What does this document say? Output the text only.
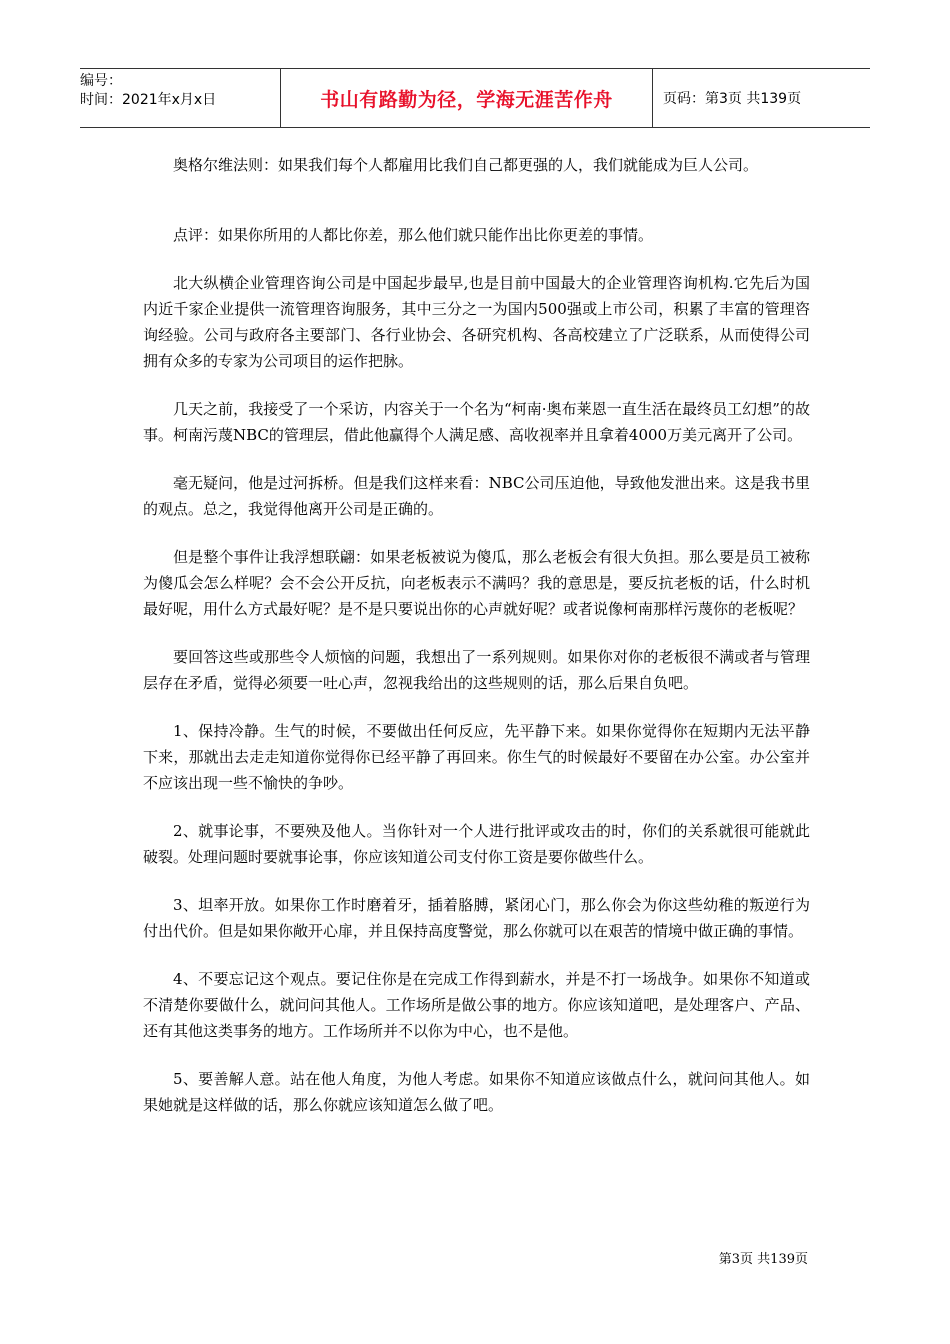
编号：
时间：2021年x月x日	书山有路勤为径，学海无涯苦作舟	页码：第3页 共139页

奥格尔维法则：如果我们每个人都雇用比我们自己都更强的人，我们就能成为巨人公司。

点评：如果你所用的人都比你差，那么他们就只能作出比你更差的事情。

北大纵横企业管理咨询公司是中国起步最早,也是目前中国最大的企业管理咨询机构.它先后为国内近千家企业提供一流管理咨询服务，其中三分之一为国内500强或上市公司，积累了丰富的管理咨询经验。公司与政府各主要部门、各行业协会、各研究机构、各高校建立了广泛联系，从而使得公司拥有众多的专家为公司项目的运作把脉。

几天之前，我接受了一个采访，内容关于一个名为“柯南·奥布莱恩一直生活在最终员工幻想”的故事。柯南污蔑NBC的管理层，借此他赢得个人满足感、高收视率并且拿着4000万美元离开了公司。

毫无疑问，他是过河拆桥。但是我们这样来看：NBC公司压迫他，导致他发泄出来。这是我书里的观点。总之，我觉得他离开公司是正确的。

但是整个事件让我浮想联翩：如果老板被说为傻瓜，那么老板会有很大负担。那么要是员工被称为傻瓜会怎么样呢？会不会公开反抗，向老板表示不满吗？我的意思是，要反抗老板的话，什么时机最好呢，用什么方式最好呢？是不是只要说出你的心声就好呢？或者说像柯南那样污蔑你的老板呢？

要回答这些或那些令人烦恼的问题，我想出了一系列规则。如果你对你的老板很不满或者与管理层存在矛盾，觉得必须要一吐心声，忽视我给出的这些规则的话，那么后果自负吧。

1、保持冷静。生气的时候，不要做出任何反应，先平静下来。如果你觉得你在短期内无法平静下来，那就出去走走知道你觉得你已经平静了再回来。你生气的时候最好不要留在办公室。办公室并不应该出现一些不愉快的争吵。

2、就事论事，不要殃及他人。当你针对一个人进行批评或攻击的时，你们的关系就很可能就此破裂。处理问题时要就事论事，你应该知道公司支付你工资是要你做些什么。

3、坦率开放。如果你工作时磨着牙，插着胳膊，紧闭心门，那么你会为你这些幼稚的叛逆行为付出代价。但是如果你敞开心扉，并且保持高度警觉，那么你就可以在艰苦的情境中做正确的事情。

4、不要忘记这个观点。要记住你是在完成工作得到薪水，并是不打一场战争。如果你不知道或不清楚你要做什么，就问问其他人。工作场所是做公事的地方。你应该知道吧，是处理客户、产品、还有其他这类事务的地方。工作场所并不以你为中心，也不是他。

5、要善解人意。站在他人角度，为他人考虑。如果你不知道应该做点什么，就问问其他人。如果她就是这样做的话，那么你就应该知道怎么做了吧。

第3页 共139页
